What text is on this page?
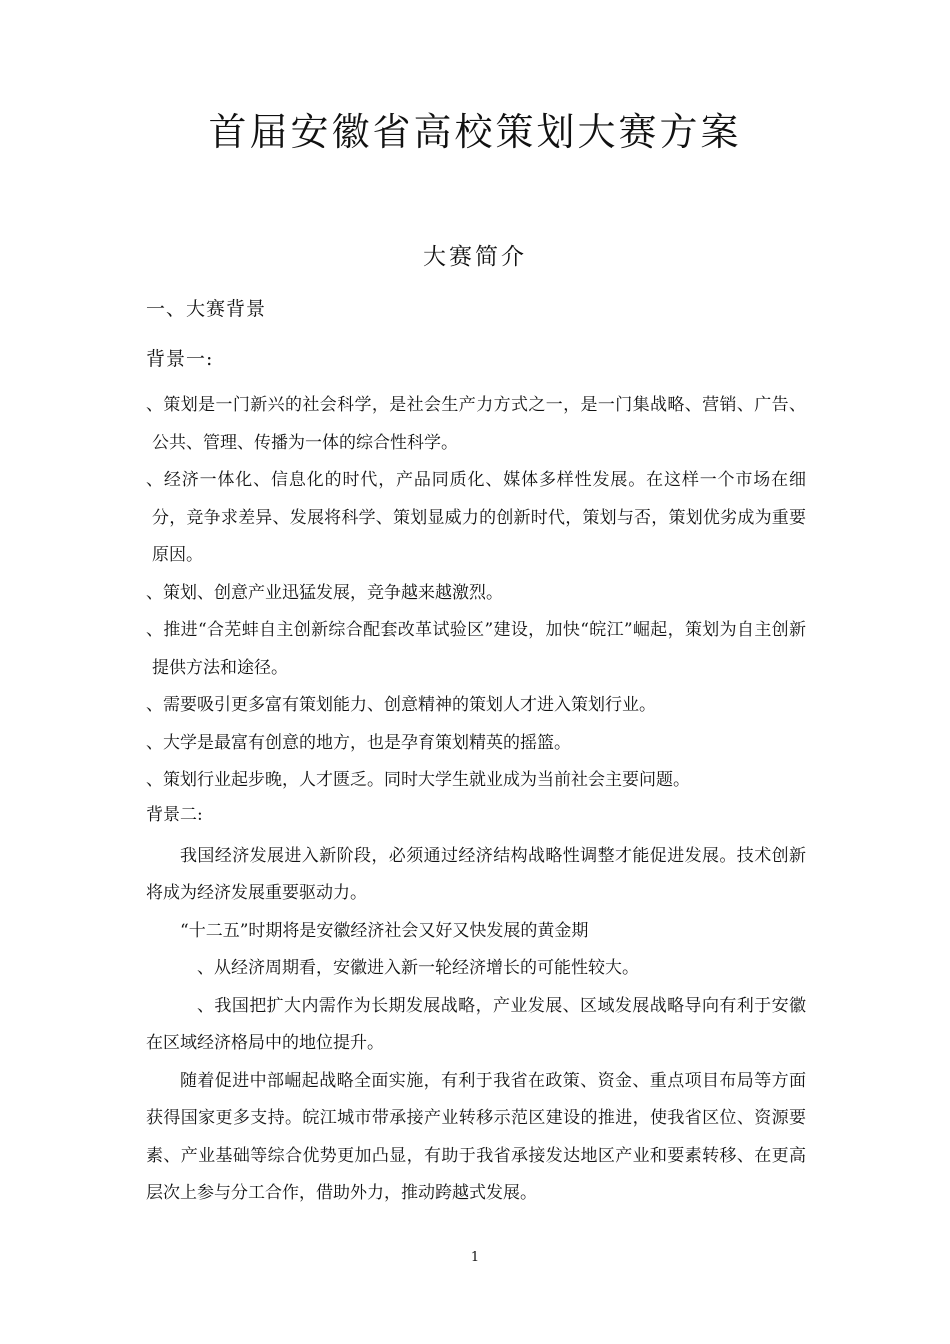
首届安徽省高校策划大赛方案
大赛简介
一、大赛背景
背景一:
、策划是一门新兴的社会科学，是社会生产力方式之一，是一门集战略、营销、广告、公共、管理、传播为一体的综合性科学。
、经济一体化、信息化的时代，产品同质化、媒体多样性发展。在这样一个市场在细分，竞争求差异、发展将科学、策划显威力的创新时代，策划与否，策划优劣成为重要原因。
、策划、创意产业迅猛发展，竞争越来越激烈。
、推进“合芜蚌自主创新综合配套改革试验区”建设，加快“皖江”崛起，策划为自主创新提供方法和途径。
、需要吸引更多富有策划能力、创意精神的策划人才进入策划行业。
、大学是最富有创意的地方，也是孕育策划精英的摇篮。
、策划行业起步晚，人才匮乏。同时大学生就业成为当前社会主要问题。
背景二:
我国经济发展进入新阶段，必须通过经济结构战略性调整才能促进发展。技术创新将成为经济发展重要驱动力。
“十二五”时期将是安徽经济社会又好又快发展的黄金期
、从经济周期看，安徽进入新一轮经济增长的可能性较大。
、我国把扩大内需作为长期发展战略，产业发展、区域发展战略导向有利于安徽在区域经济格局中的地位提升。
随着促进中部崛起战略全面实施，有利于我省在政策、资金、重点项目布局等方面获得国家更多支持。皖江城市带承接产业转移示范区建设的推进，使我省区位、资源要素、产业基础等综合优势更加凸显，有助于我省承接发达地区产业和要素转移、在更高层次上参与分工合作，借助外力，推动跨越式发展。
1
